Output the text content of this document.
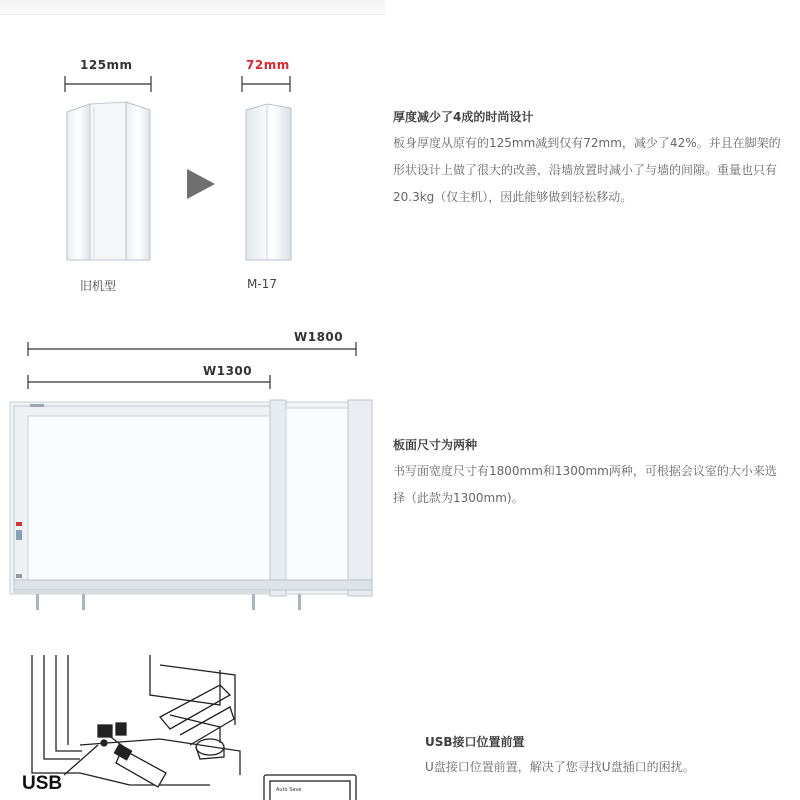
125mm
旧机型
72mm
M-17
厚度减少了4成的时尚设计
板身厚度从原有的125mm减到仅有72mm，减少了42%。并且在脚架的形状设计上做了很大的改善，沿墙放置时减小了与墙的间隙。重量也只有20.3kg（仅主机），因此能够做到轻松移动。
W1800
W1300
板面尺寸为两种
书写面宽度尺寸有1800mm和1300mm两种，可根据会议室的大小来选择（此款为1300mm)。
Auto Save
USB
USB接口位置前置
U盘接口位置前置，解决了您寻找U盘插口的困扰。
